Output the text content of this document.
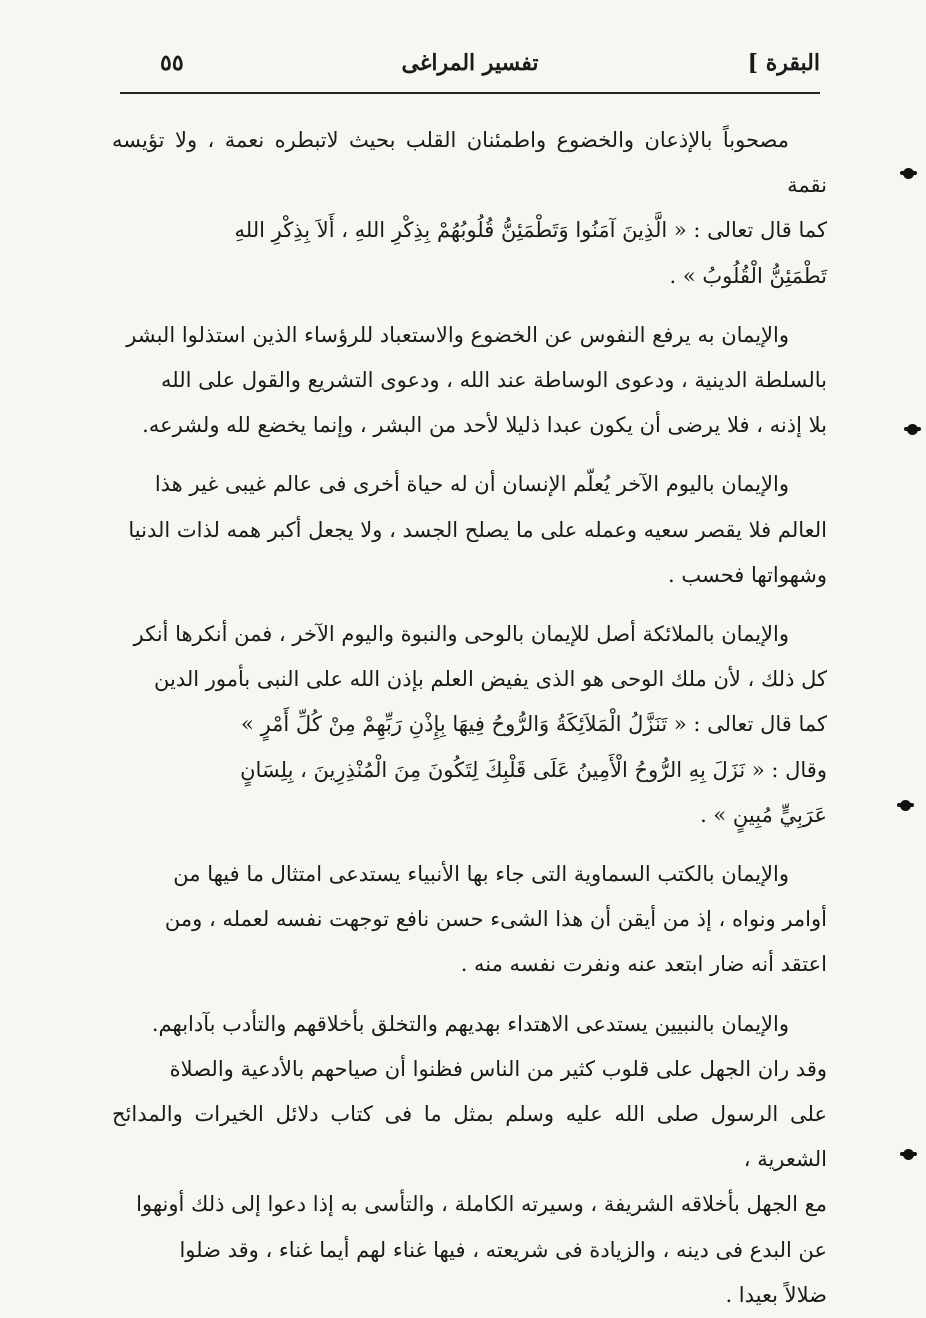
البقرة ]
تفسير المراغى
٥٥

مصحوباً بالإذعان والخضوع واطمئنان القلب بحيث لاتبطره نعمة ، ولا تؤيسه نقمة
كما قال تعالى : « الَّذِينَ آمَنُوا وَتَطْمَئِنُّ قُلُوبُهُمْ بِذِكْرِ اللهِ ، أَلاَ بِذِكْرِ اللهِ
تَطْمَئِنُّ الْقُلُوبُ » .

والإيمان به يرفع النفوس عن الخضوع والاستعباد للرؤساء الذين استذلوا البشر
بالسلطة الدينية ، ودعوى الوساطة عند الله ، ودعوى التشريع والقول على الله
بلا إذنه ، فلا يرضى أن يكون عبدا ذليلا لأحد من البشر ، وإنما يخضع لله ولشرعه.

والإيمان باليوم الآخر يُعلّم الإنسان أن له حياة أخرى فى عالم غيبى غير هذا
العالم فلا يقصر سعيه وعمله على ما يصلح الجسد ، ولا يجعل أكبر همه لذات الدنيا
وشهواتها فحسب .

والإيمان بالملائكة أصل للإيمان بالوحى والنبوة واليوم الآخر ، فمن أنكرها أنكر
كل ذلك ، لأن ملك الوحى هو الذى يفيض العلم بإذن الله على النبى بأمور الدين
كما قال تعالى : « تَنَزَّلُ الْمَلاَئِكَةُ وَالرُّوحُ فِيهَا بِإِذْنِ رَبِّهِمْ مِنْ كُلِّ أَمْرٍ »
وقال : « نَزَلَ بِهِ الرُّوحُ الْأَمِينُ عَلَى قَلْبِكَ لِتَكُونَ مِنَ الْمُنْذِرِينَ ، بِلِسَانٍ
عَرَبِيٍّ مُبِينٍ » .

والإيمان بالكتب السماوية التى جاء بها الأنبياء يستدعى امتثال ما فيها من
أوامر ونواه ، إذ من أيقن أن هذا الشىء حسن نافع توجهت نفسه لعمله ، ومن
اعتقد أنه ضار ابتعد عنه ونفرت نفسه منه .

والإيمان بالنبيين يستدعى الاهتداء بهديهم والتخلق بأخلاقهم والتأدب بآدابهم.
وقد ران الجهل على قلوب كثير من الناس فظنوا أن صياحهم بالأدعية والصلاة
على الرسول صلى الله عليه وسلم بمثل ما فى كتاب دلائل الخيرات والمدائح الشعرية ،
مع الجهل بأخلاقه الشريفة ، وسيرته الكاملة ، والتأسى به إذا دعوا إلى ذلك أونهوا
عن البدع فى دينه ، والزيادة فى شريعته ، فيها غناء لهم أيما غناء ، وقد ضلوا
ضلالاً بعيدا .
